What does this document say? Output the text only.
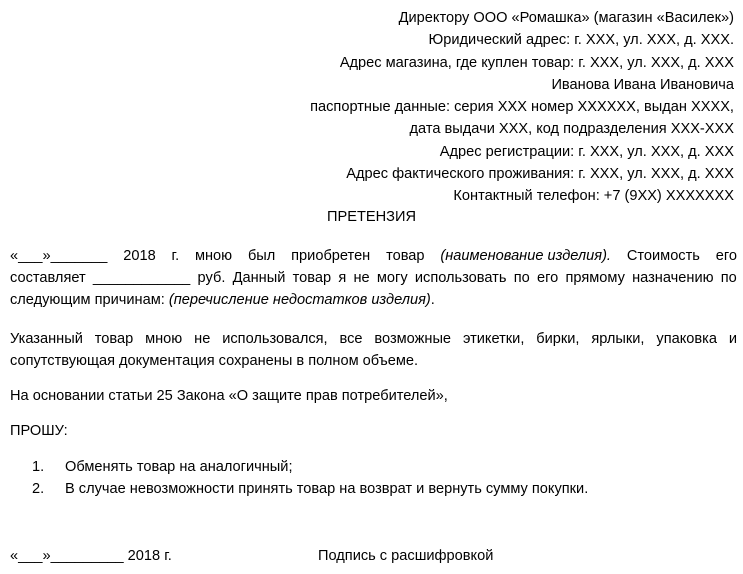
Директору ООО «Ромашка» (магазин «Василек»)
Юридический адрес: г. ХХХ, ул. ХХХ, д. ХХХ.
Адрес магазина, где куплен товар: г. ХХХ, ул. ХХХ, д. ХХХ
Иванова Ивана Ивановича
паспортные данные: серия ХХХ номер ХХХХХХ, выдан ХХХХ,
дата выдачи ХХХ, код подразделения ХХХ-ХХХ
Адрес регистрации: г. ХХХ, ул. ХХХ, д. ХХХ
Адрес фактического проживания: г. ХХХ, ул. ХХХ, д. ХХХ
Контактный телефон: +7 (9ХХ) ХХХХХХХ
ПРЕТЕНЗИЯ
«___»_______ 2018 г. мною был приобретен товар (наименование изделия). Стоимость его
составляет ____________ руб. Данный товар я не могу использовать по его прямому назначению по
следующим причинам: (перечисление недостатков изделия).
Указанный товар мною не использовался, все возможные этикетки, бирки, ярлыки, упаковка и
сопутствующая документация сохранены в полном объеме.
На основании статьи 25 Закона «О защите прав потребителей»,
ПРОШУ:
1.	Обменять товар на аналогичный;
2.	В случае невозможности принять товар на возврат и вернуть сумму покупки.
«___»_________ 2018 г.	Подпись с расшифровкой
